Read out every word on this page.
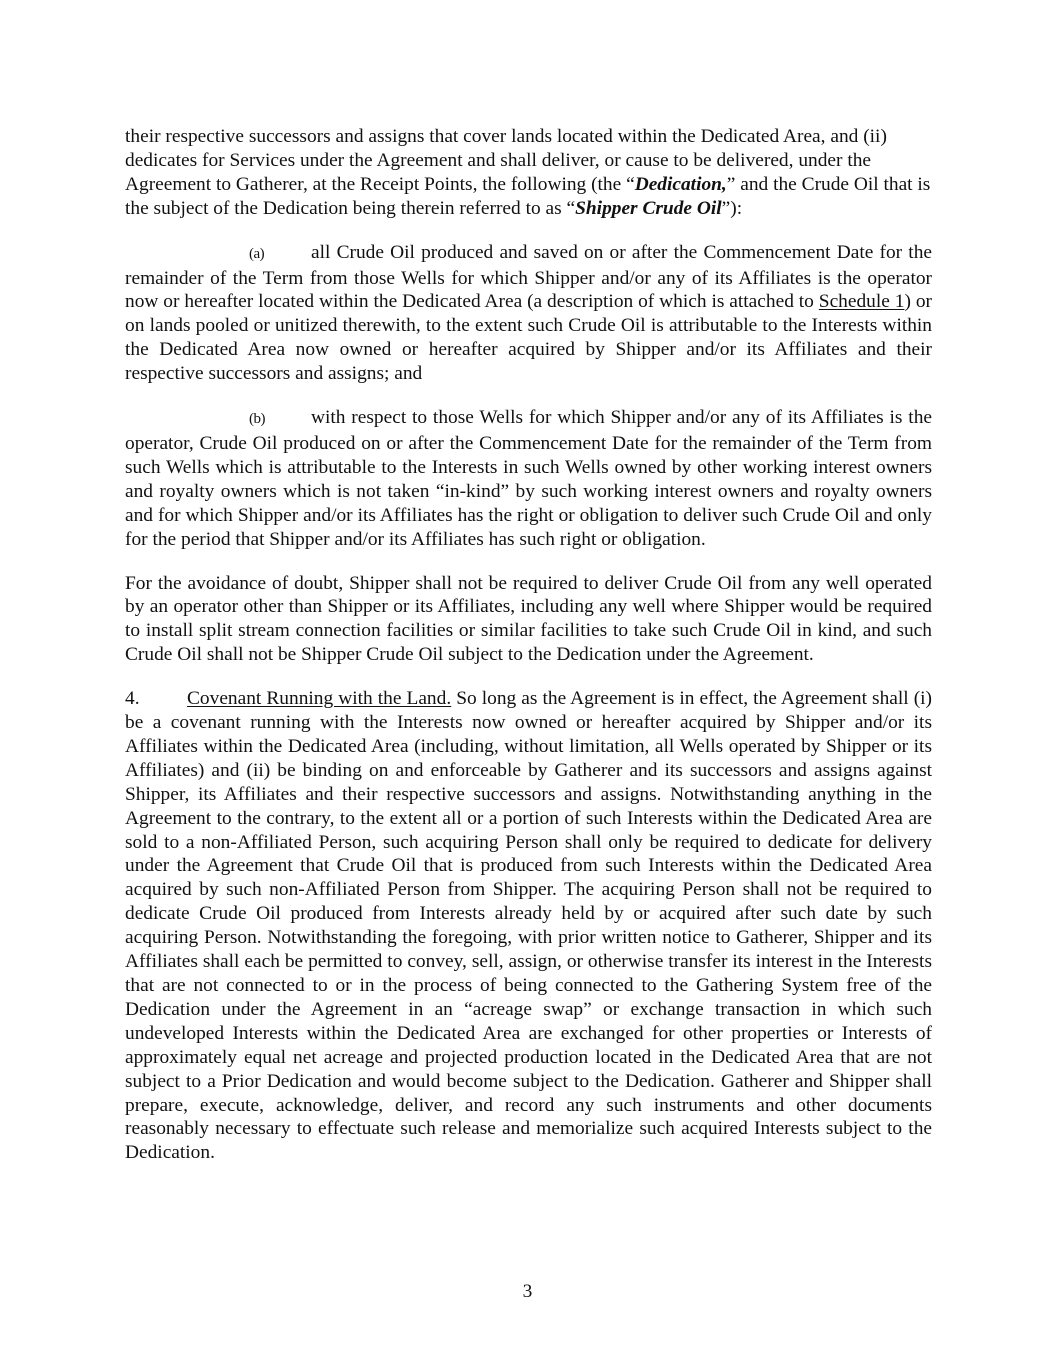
their respective successors and assigns that cover lands located within the Dedicated Area, and (ii) dedicates for Services under the Agreement and shall deliver, or cause to be delivered, under the Agreement to Gatherer, at the Receipt Points, the following (the “Dedication,” and the Crude Oil that is the subject of the Dedication being therein referred to as “Shipper Crude Oil”):

(a) all Crude Oil produced and saved on or after the Commencement Date for the remainder of the Term from those Wells for which Shipper and/or any of its Affiliates is the operator now or hereafter located within the Dedicated Area (a description of which is attached to Schedule 1) or on lands pooled or unitized therewith, to the extent such Crude Oil is attributable to the Interests within the Dedicated Area now owned or hereafter acquired by Shipper and/or its Affiliates and their respective successors and assigns; and

(b) with respect to those Wells for which Shipper and/or any of its Affiliates is the operator, Crude Oil produced on or after the Commencement Date for the remainder of the Term from such Wells which is attributable to the Interests in such Wells owned by other working interest owners and royalty owners which is not taken “in-kind” by such working interest owners and royalty owners and for which Shipper and/or its Affiliates has the right or obligation to deliver such Crude Oil and only for the period that Shipper and/or its Affiliates has such right or obligation.

For the avoidance of doubt, Shipper shall not be required to deliver Crude Oil from any well operated by an operator other than Shipper or its Affiliates, including any well where Shipper would be required to install split stream connection facilities or similar facilities to take such Crude Oil in kind, and such Crude Oil shall not be Shipper Crude Oil subject to the Dedication under the Agreement.

4. Covenant Running with the Land. So long as the Agreement is in effect, the Agreement shall (i) be a covenant running with the Interests now owned or hereafter acquired by Shipper and/or its Affiliates within the Dedicated Area (including, without limitation, all Wells operated by Shipper or its Affiliates) and (ii) be binding on and enforceable by Gatherer and its successors and assigns against Shipper, its Affiliates and their respective successors and assigns. Notwithstanding anything in the Agreement to the contrary, to the extent all or a portion of such Interests within the Dedicated Area are sold to a non-Affiliated Person, such acquiring Person shall only be required to dedicate for delivery under the Agreement that Crude Oil that is produced from such Interests within the Dedicated Area acquired by such non-Affiliated Person from Shipper. The acquiring Person shall not be required to dedicate Crude Oil produced from Interests already held by or acquired after such date by such acquiring Person. Notwithstanding the foregoing, with prior written notice to Gatherer, Shipper and its Affiliates shall each be permitted to convey, sell, assign, or otherwise transfer its interest in the Interests that are not connected to or in the process of being connected to the Gathering System free of the Dedication under the Agreement in an “acreage swap” or exchange transaction in which such undeveloped Interests within the Dedicated Area are exchanged for other properties or Interests of approximately equal net acreage and projected production located in the Dedicated Area that are not subject to a Prior Dedication and would become subject to the Dedication. Gatherer and Shipper shall prepare, execute, acknowledge, deliver, and record any such instruments and other documents reasonably necessary to effectuate such release and memorialize such acquired Interests subject to the Dedication.

3
